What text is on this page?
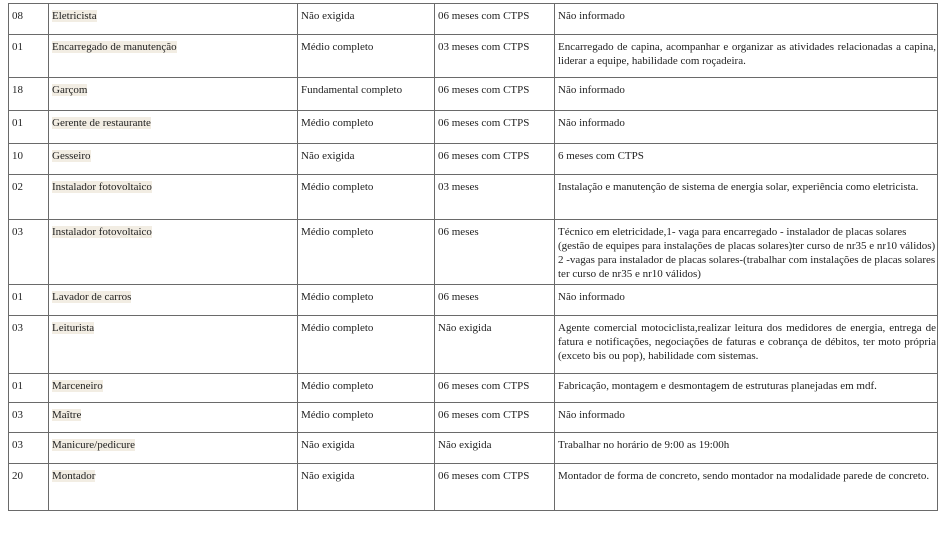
08	Eletricista	Não exigida	06 meses com CTPS	Não informado
01	Encarregado de manutenção	Médio completo	03 meses com CTPS	Encarregado de capina, acompanhar e organizar as atividades relacionadas a capina, liderar a equipe, habilidade com roçadeira.
18	Garçom	Fundamental completo	06 meses com CTPS	Não informado
01	Gerente de restaurante	Médio completo	06 meses com CTPS	Não informado
10	Gesseiro	Não exigida	06 meses com CTPS	6 meses com CTPS
02	Instalador fotovoltaico	Médio completo	03 meses	Instalação e manutenção de sistema de energia solar, experiência como eletricista.
03	Instalador fotovoltaico	Médio completo	06 meses	Técnico em eletricidade,1- vaga para encarregado - instalador de placas solares (gestão de equipes para instalações de placas solares)ter curso de nr35 e nr10 válidos) 2 -vagas para instalador de placas solares-(trabalhar com instalações de placas solares ter curso de nr35 e nr10 válidos)
01	Lavador de carros	Médio completo	06 meses	Não informado
03	Leiturista	Médio completo	Não exigida	Agente comercial motociclista,realizar leitura dos medidores de energia, entrega de fatura e notificações, negociações de faturas e cobrança de débitos, ter moto própria (exceto bis ou pop), habilidade com sistemas.
01	Marceneiro	Médio completo	06 meses com CTPS	Fabricação, montagem e desmontagem de estruturas planejadas em mdf.
03	Maître	Médio completo	06 meses com CTPS	Não informado
03	Manicure/pedicure	Não exigida	Não exigida	Trabalhar no horário de 9:00 as 19:00h
20	Montador	Não exigida	06 meses com CTPS	Montador de forma de concreto, sendo montador na modalidade parede de concreto.
